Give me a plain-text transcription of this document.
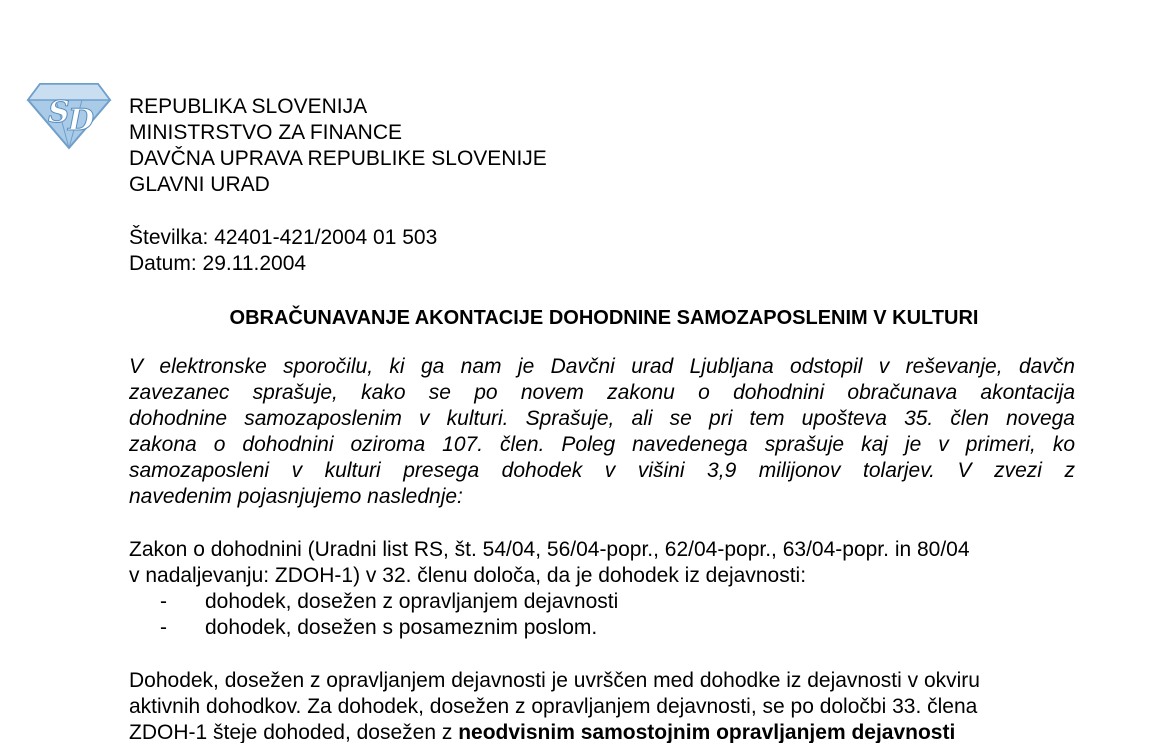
S
D REPUBLIKA SLOVENIJA
MINISTRSTVO ZA FINANCE
DAVČNA UPRAVA REPUBLIKE SLOVENIJE
GLAVNI URAD
Številka: 42401-421/2004 01 503
Datum: 29.11.2004
OBRAČUNAVANJE AKONTACIJE DOHODNINE SAMOZAPOSLENIM V KULTURI
V elektronske sporočilu, ki ga nam je Davčni urad Ljubljana odstopil v reševanje, davčn
zavezanec sprašuje, kako se po novem zakonu o dohodnini obračunava akontacija
dohodnine samozaposlenim v kulturi. Sprašuje, ali se pri tem upošteva 35. člen novega
zakona o dohodnini oziroma 107. člen. Poleg navedenega sprašuje kaj je v primeri, ko
samozaposleni v kulturi presega dohodek v višini 3,9 milijonov tolarjev. V zvezi z
navedenim pojasnjujemo naslednje:
Zakon o dohodnini (Uradni list RS, št. 54/04, 56/04-popr., 62/04-popr., 63/04-popr. in 80/04
v nadaljevanju: ZDOH-1) v 32. členu določa, da je dohodek iz dejavnosti:
- dohodek, dosežen z opravljanjem dejavnosti
- dohodek, dosežen s posameznim poslom.
Dohodek, dosežen z opravljanjem dejavnosti je uvrščen med dohodke iz dejavnosti v okviru
aktivnih dohodkov. Za dohodek, dosežen z opravljanjem dejavnosti, se po določbi 33. člena
ZDOH-1 šteje dohoded, dosežen z neodvisnim samostojnim opravljanjem dejavnosti
